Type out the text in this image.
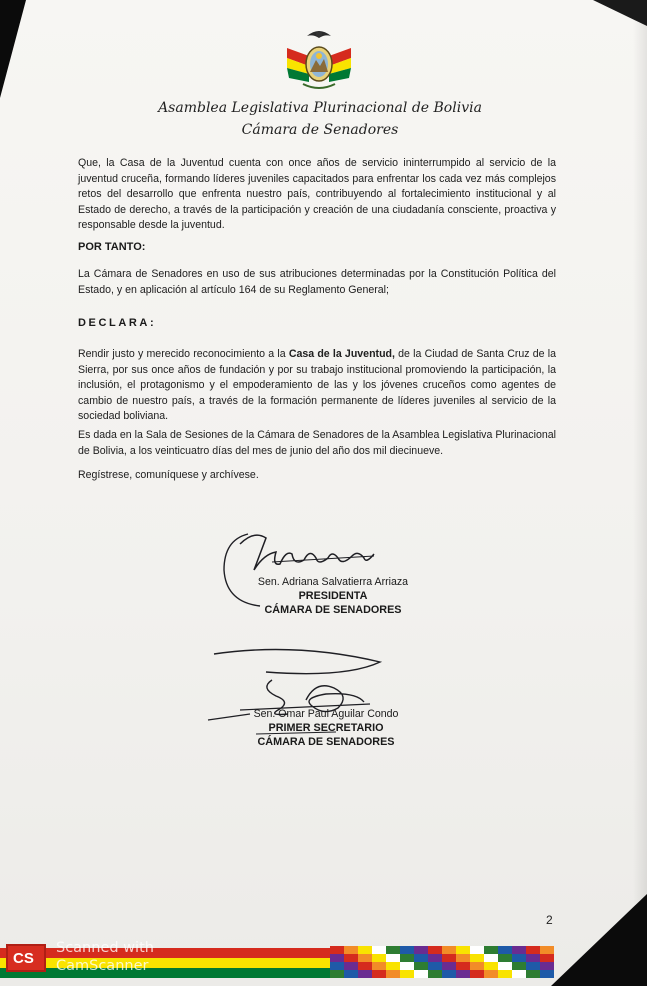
Asamblea Legislativa Plurinacional de Bolivia
Cámara de Senadores
Que, la Casa de la Juventud cuenta con once años de servicio ininterrumpido al servicio de la juventud cruceña, formando líderes juveniles capacitados para enfrentar los cada vez más complejos retos del desarrollo que enfrenta nuestro país, contribuyendo al fortalecimiento institucional y al Estado de derecho, a través de la participación y creación de una ciudadanía consciente, proactiva y responsable desde la juventud.
POR TANTO:
La Cámara de Senadores en uso de sus atribuciones determinadas por la Constitución Política del Estado, y en aplicación al artículo 164 de su Reglamento General;
DECLARA:
Rendir justo y merecido reconocimiento a la Casa de la Juventud, de la Ciudad de Santa Cruz de la Sierra, por sus once años de fundación y por su trabajo institucional promoviendo la participación, la inclusión, el protagonismo y el empoderamiento de las y los jóvenes cruceños como agentes de cambio de nuestro país, a través de la formación permanente de líderes juveniles al servicio de la sociedad boliviana.
Es dada en la Sala de Sesiones de la Cámara de Senadores de la Asamblea Legislativa Plurinacional de Bolivia, a los veinticuatro días del mes de junio del año dos mil diecinueve.
Regístrese, comuníquese y archívese.
Sen. Adriana Salvatierra Arriaza
PRESIDENTA
CÁMARA DE SENADORES
Sen. Omar Paul Aguilar Condo
PRIMER SECRETARIO
CÁMARA DE SENADORES
2
CS
Scanned with
CamScanner
